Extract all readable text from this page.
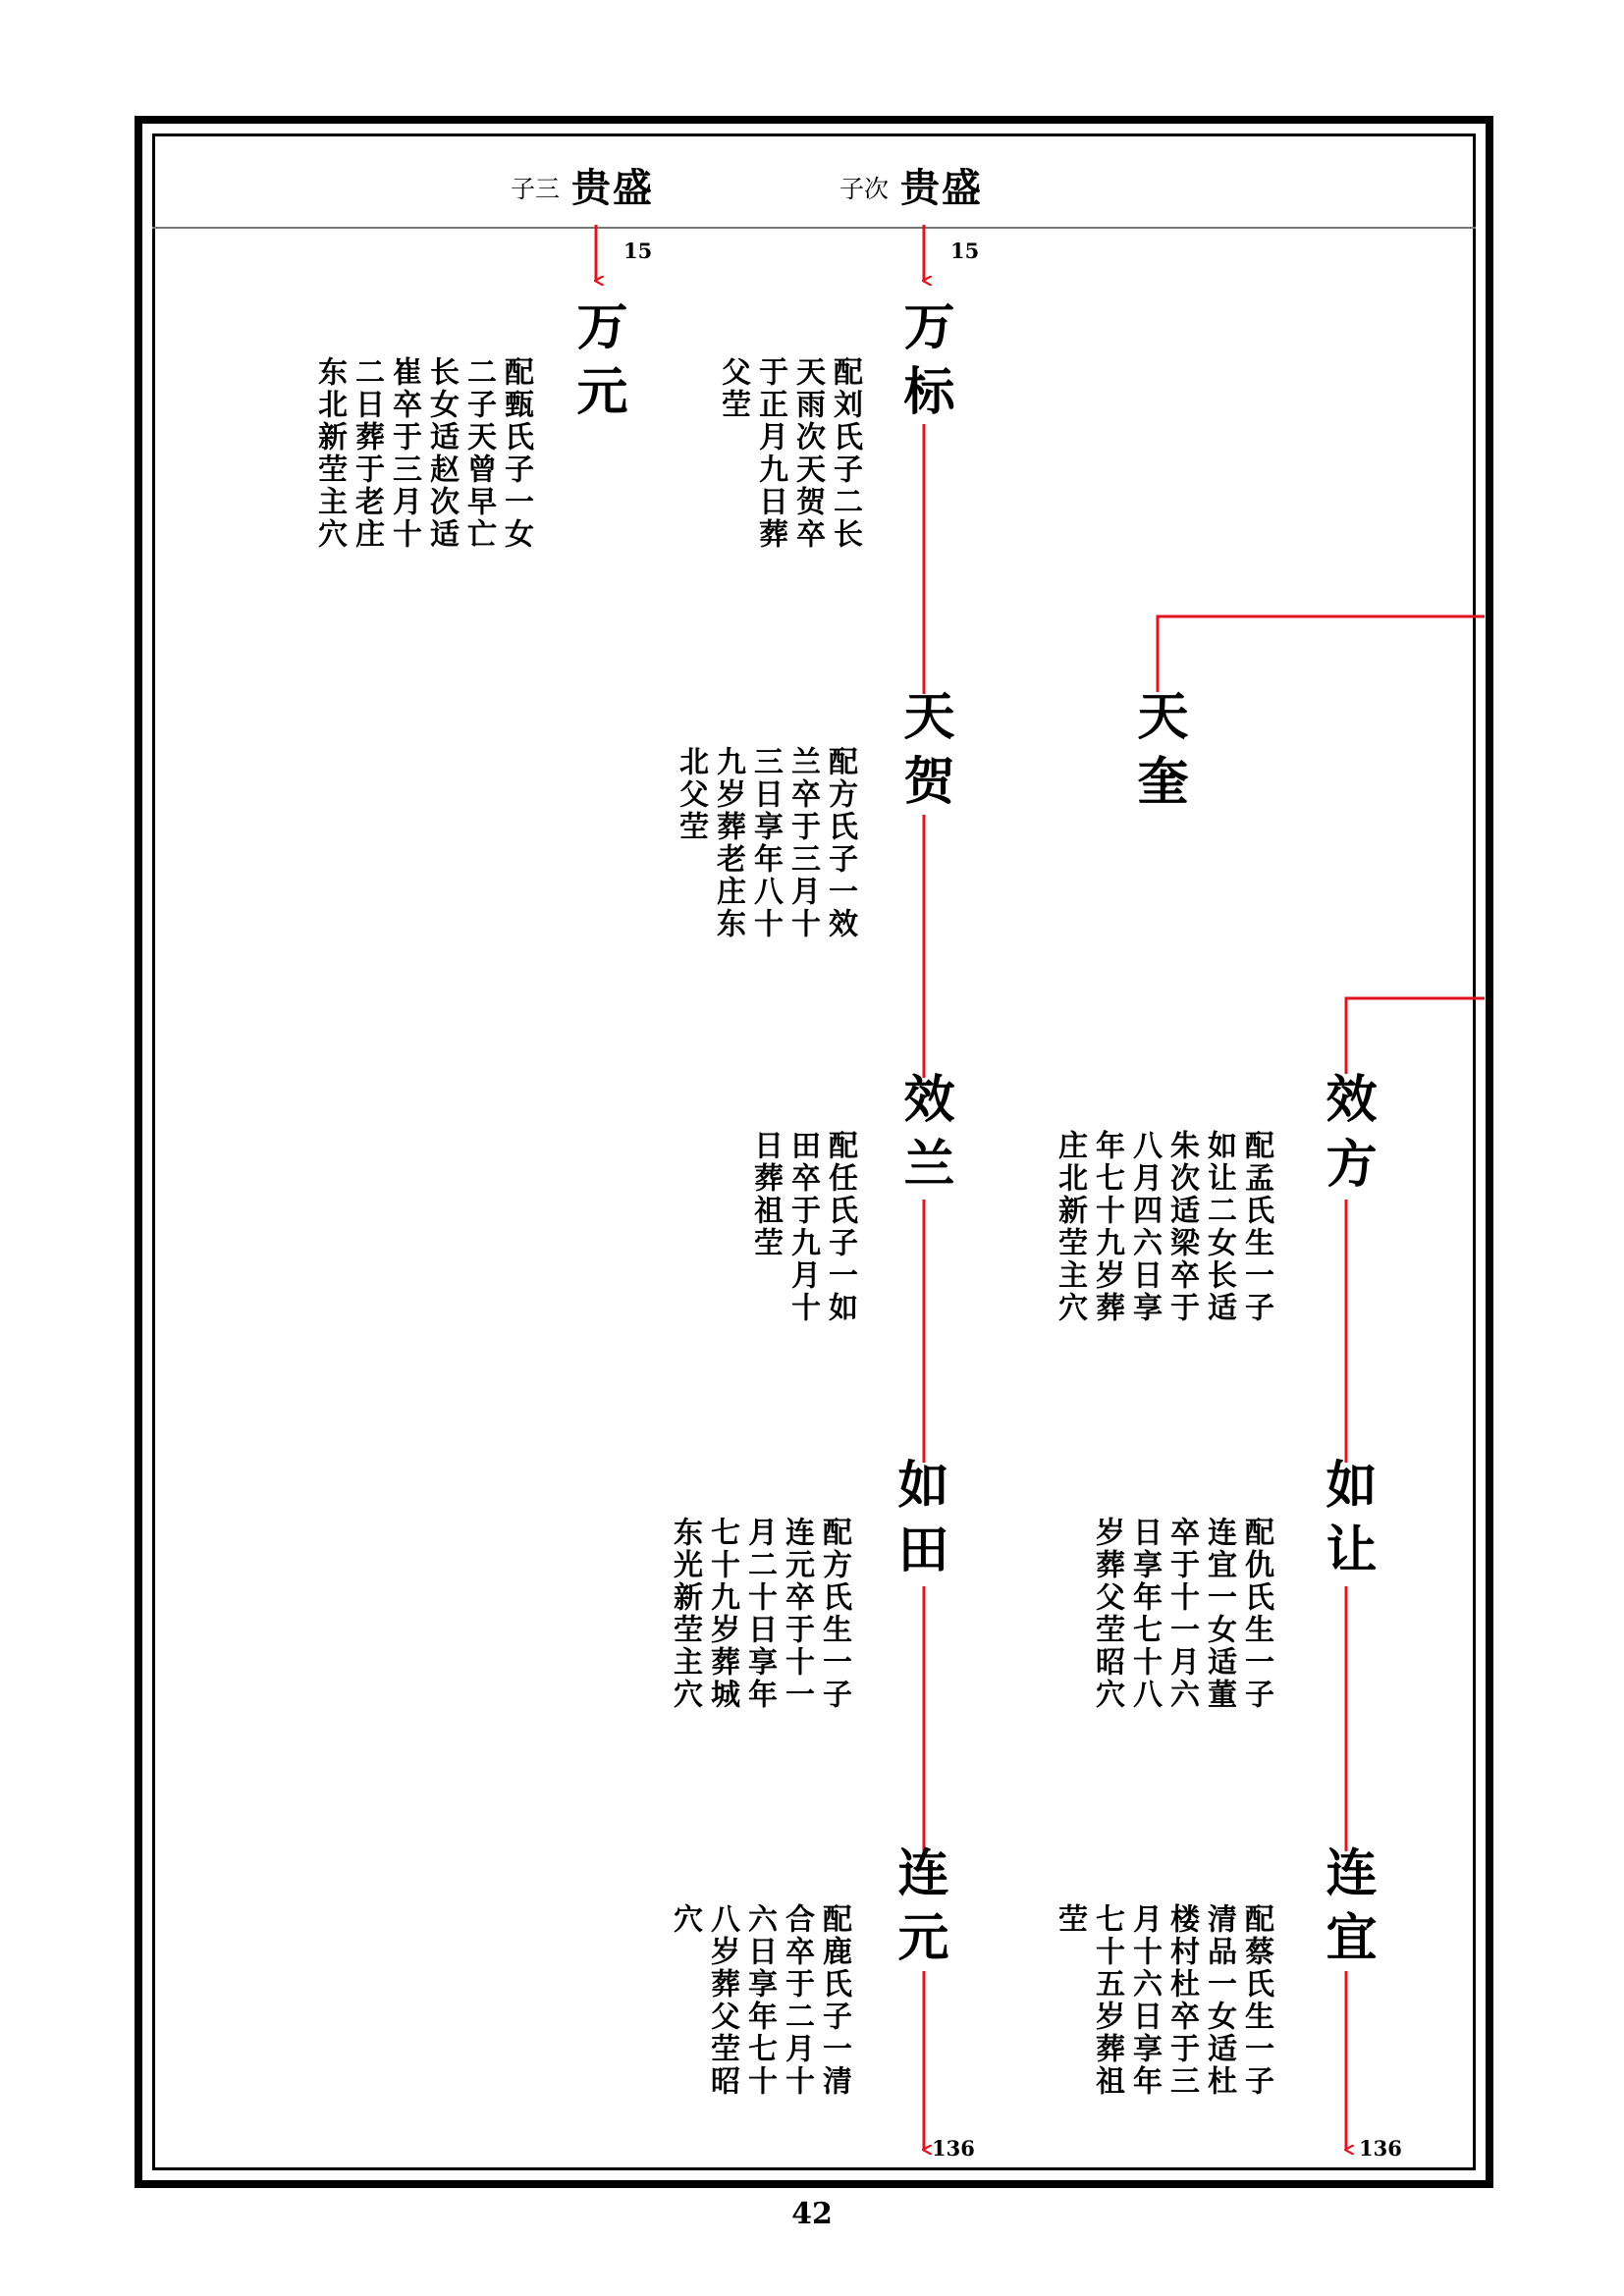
子三 贵盛	子次 贵盛
15	15
136	136
万元
配甄氏子一女
二子天曾早亡
长女适赵次适
崔卒于三月十
二日葬于老庄
东北新茔主穴	万标
配刘氏子二长
天雨次天贺卒
于正月九日葬
父茔
天贺
配方氏子一效
兰卒于三月十
三日享年八十
九岁葬老庄东
北父茔	天奎
效兰
配任氏子一如
田卒于九月十
日葬祖茔	效方
配孟氏生一子
如让二女长适
朱次适梁卒于
八月四六日享
年七十九岁葬
庄北新茔主穴
如田
配方氏生一子
连元卒于十一
月二十日享年
七十九岁葬城
东光新茔主穴	如让
配仇氏生一子
连宜一女适董
卒于十一月六
日享年七十八
岁葬父茔昭穴
连元
配鹿氏子一清
合卒于二月十
六日享年七十
八岁葬父茔昭
穴	连宜
配蔡氏生一子
清品一女适杜
楼村杜卒于三
月十六日享年
七十五岁葬祖
茔
42
